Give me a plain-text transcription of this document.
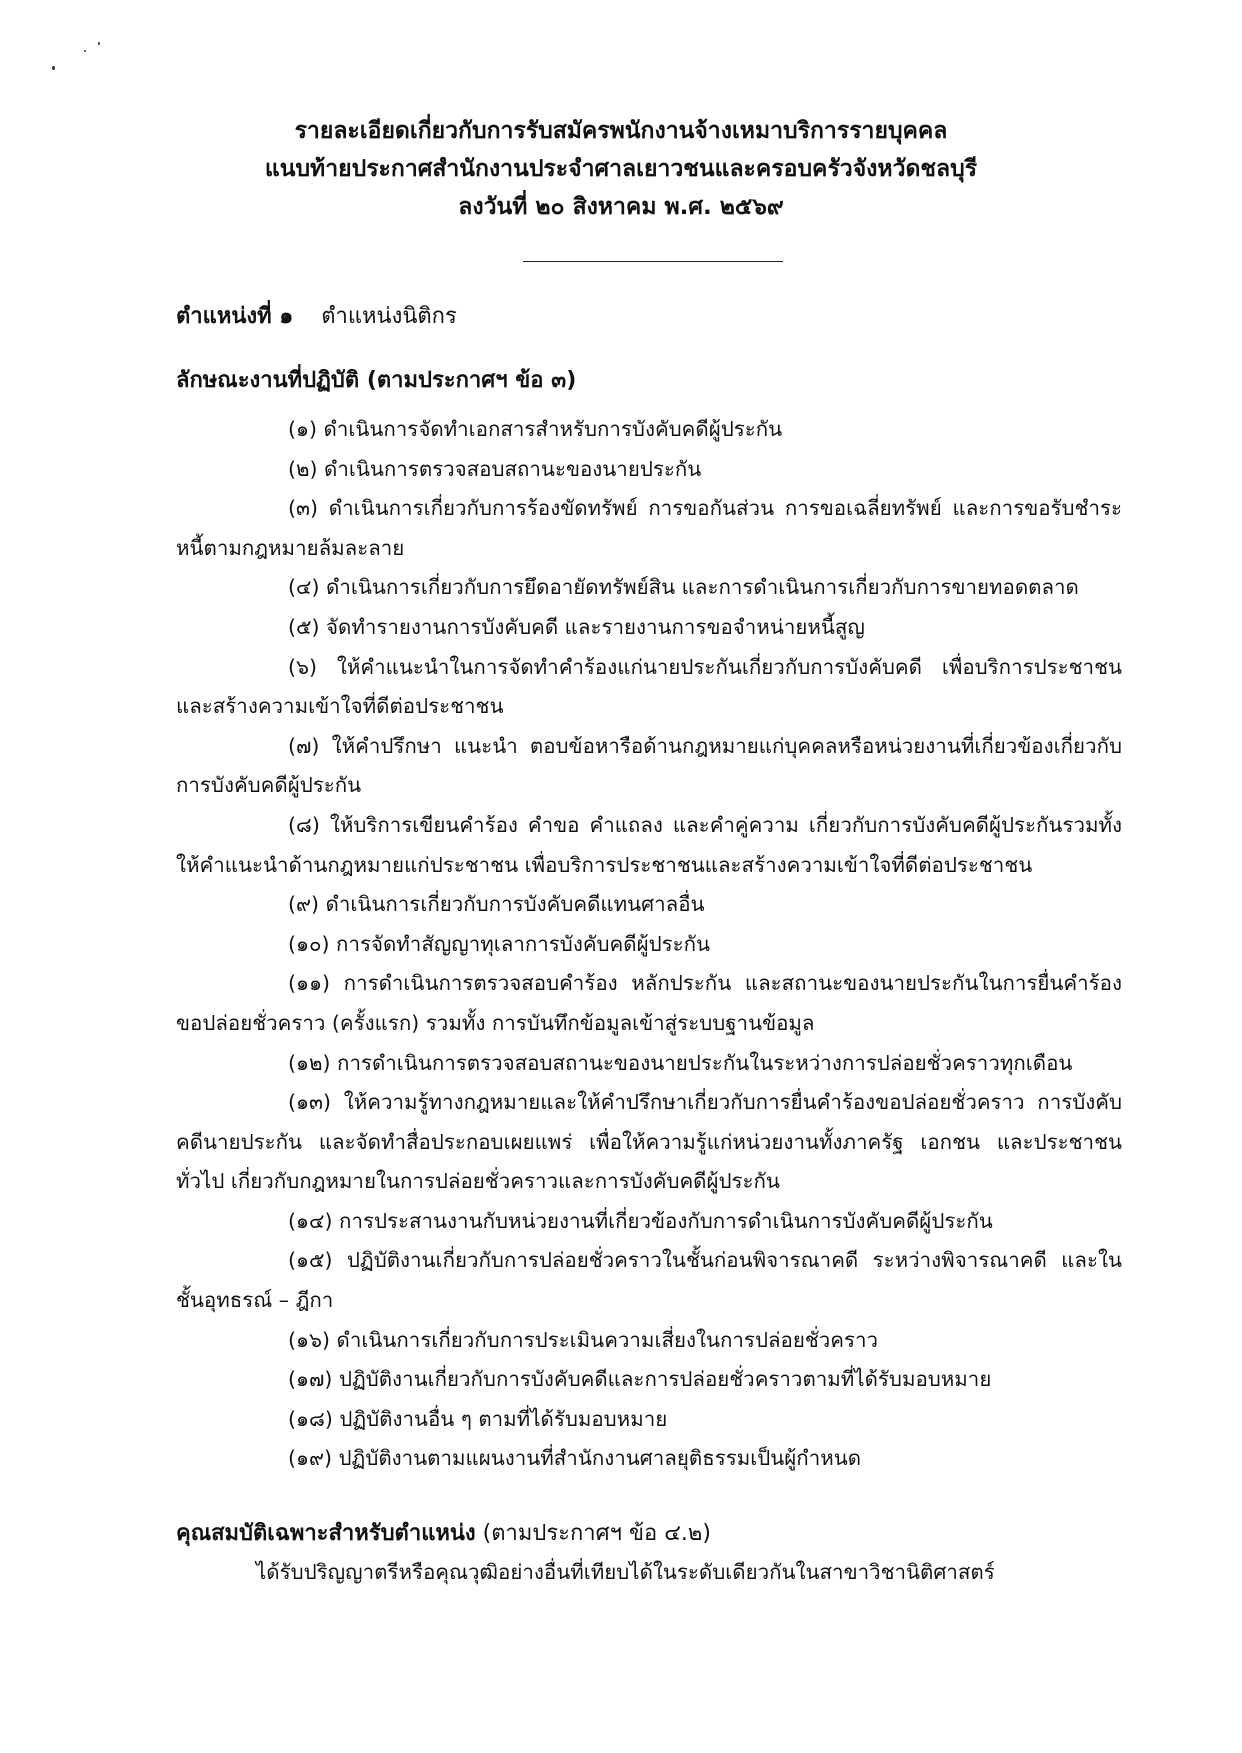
รายละเอียดเกี่ยวกับการรับสมัครพนักงานจ้างเหมาบริการรายบุคคล
แนบท้ายประกาศสำนักงานประจำศาลเยาวชนและครอบครัวจังหวัดชลบุรี
ลงวันที่ ๒๐ สิงหาคม พ.ศ. ๒๕๖๙
ตำแหน่งที่ ๑ ตำแหน่งนิติกร
ลักษณะงานที่ปฏิบัติ (ตามประกาศฯ ข้อ ๓)

(๑) ดำเนินการจัดทำเอกสารสำหรับการบังคับคดีผู้ประกัน

(๒) ดำเนินการตรวจสอบสถานะของนายประกัน

(๓) ดำเนินการเกี่ยวกับการร้องขัดทรัพย์ การขอกันส่วน การขอเฉลี่ยทรัพย์ และการขอรับชำระหนี้ตามกฎหมายล้มละลาย

(๔) ดำเนินการเกี่ยวกับการยึดอายัดทรัพย์สิน และการดำเนินการเกี่ยวกับการขายทอดตลาด

(๕) จัดทำรายงานการบังคับคดี และรายงานการขอจำหน่ายหนี้สูญ

(๖) ให้คำแนะนำในการจัดทำคำร้องแก่นายประกันเกี่ยวกับการบังคับคดี เพื่อบริการประชาชนและสร้างความเข้าใจที่ดีต่อประชาชน

(๗) ให้คำปรึกษา แนะนำ ตอบข้อหารือด้านกฎหมายแก่บุคคลหรือหน่วยงานที่เกี่ยวข้องเกี่ยวกับการบังคับคดีผู้ประกัน

(๘) ให้บริการเขียนคำร้อง คำขอ คำแถลง และคำคู่ความ เกี่ยวกับการบังคับคดีผู้ประกันรวมทั้งให้คำแนะนำด้านกฎหมายแก่ประชาชน เพื่อบริการประชาชนและสร้างความเข้าใจที่ดีต่อประชาชน

(๙) ดำเนินการเกี่ยวกับการบังคับคดีแทนศาลอื่น

(๑๐) การจัดทำสัญญาทุเลาการบังคับคดีผู้ประกัน

(๑๑) การดำเนินการตรวจสอบคำร้อง หลักประกัน และสถานะของนายประกันในการยื่นคำร้องขอปล่อยชั่วคราว (ครั้งแรก) รวมทั้ง การบันทึกข้อมูลเข้าสู่ระบบฐานข้อมูล

(๑๒) การดำเนินการตรวจสอบสถานะของนายประกันในระหว่างการปล่อยชั่วคราวทุกเดือน

(๑๓) ให้ความรู้ทางกฎหมายและให้คำปรึกษาเกี่ยวกับการยื่นคำร้องขอปล่อยชั่วคราว การบังคับคดีนายประกัน และจัดทำสื่อประกอบเผยแพร่ เพื่อให้ความรู้แก่หน่วยงานทั้งภาครัฐ เอกชน และประชาชนทั่วไป เกี่ยวกับกฎหมายในการปล่อยชั่วคราวและการบังคับคดีผู้ประกัน

(๑๔) การประสานงานกับหน่วยงานที่เกี่ยวข้องกับการดำเนินการบังคับคดีผู้ประกัน

(๑๕) ปฏิบัติงานเกี่ยวกับการปล่อยชั่วคราวในชั้นก่อนพิจารณาคดี ระหว่างพิจารณาคดี และในชั้นอุทธรณ์ – ฎีกา

(๑๖) ดำเนินการเกี่ยวกับการประเมินความเสี่ยงในการปล่อยชั่วคราว

(๑๗) ปฏิบัติงานเกี่ยวกับการบังคับคดีและการปล่อยชั่วคราวตามที่ได้รับมอบหมาย

(๑๘) ปฏิบัติงานอื่น ๆ ตามที่ได้รับมอบหมาย

(๑๙) ปฏิบัติงานตามแผนงานที่สำนักงานศาลยุติธรรมเป็นผู้กำหนด

คุณสมบัติเฉพาะสำหรับตำแหน่ง (ตามประกาศฯ ข้อ ๔.๒)
ได้รับปริญญาตรีหรือคุณวุฒิอย่างอื่นที่เทียบได้ในระดับเดียวกันในสาขาวิชานิติศาสตร์
